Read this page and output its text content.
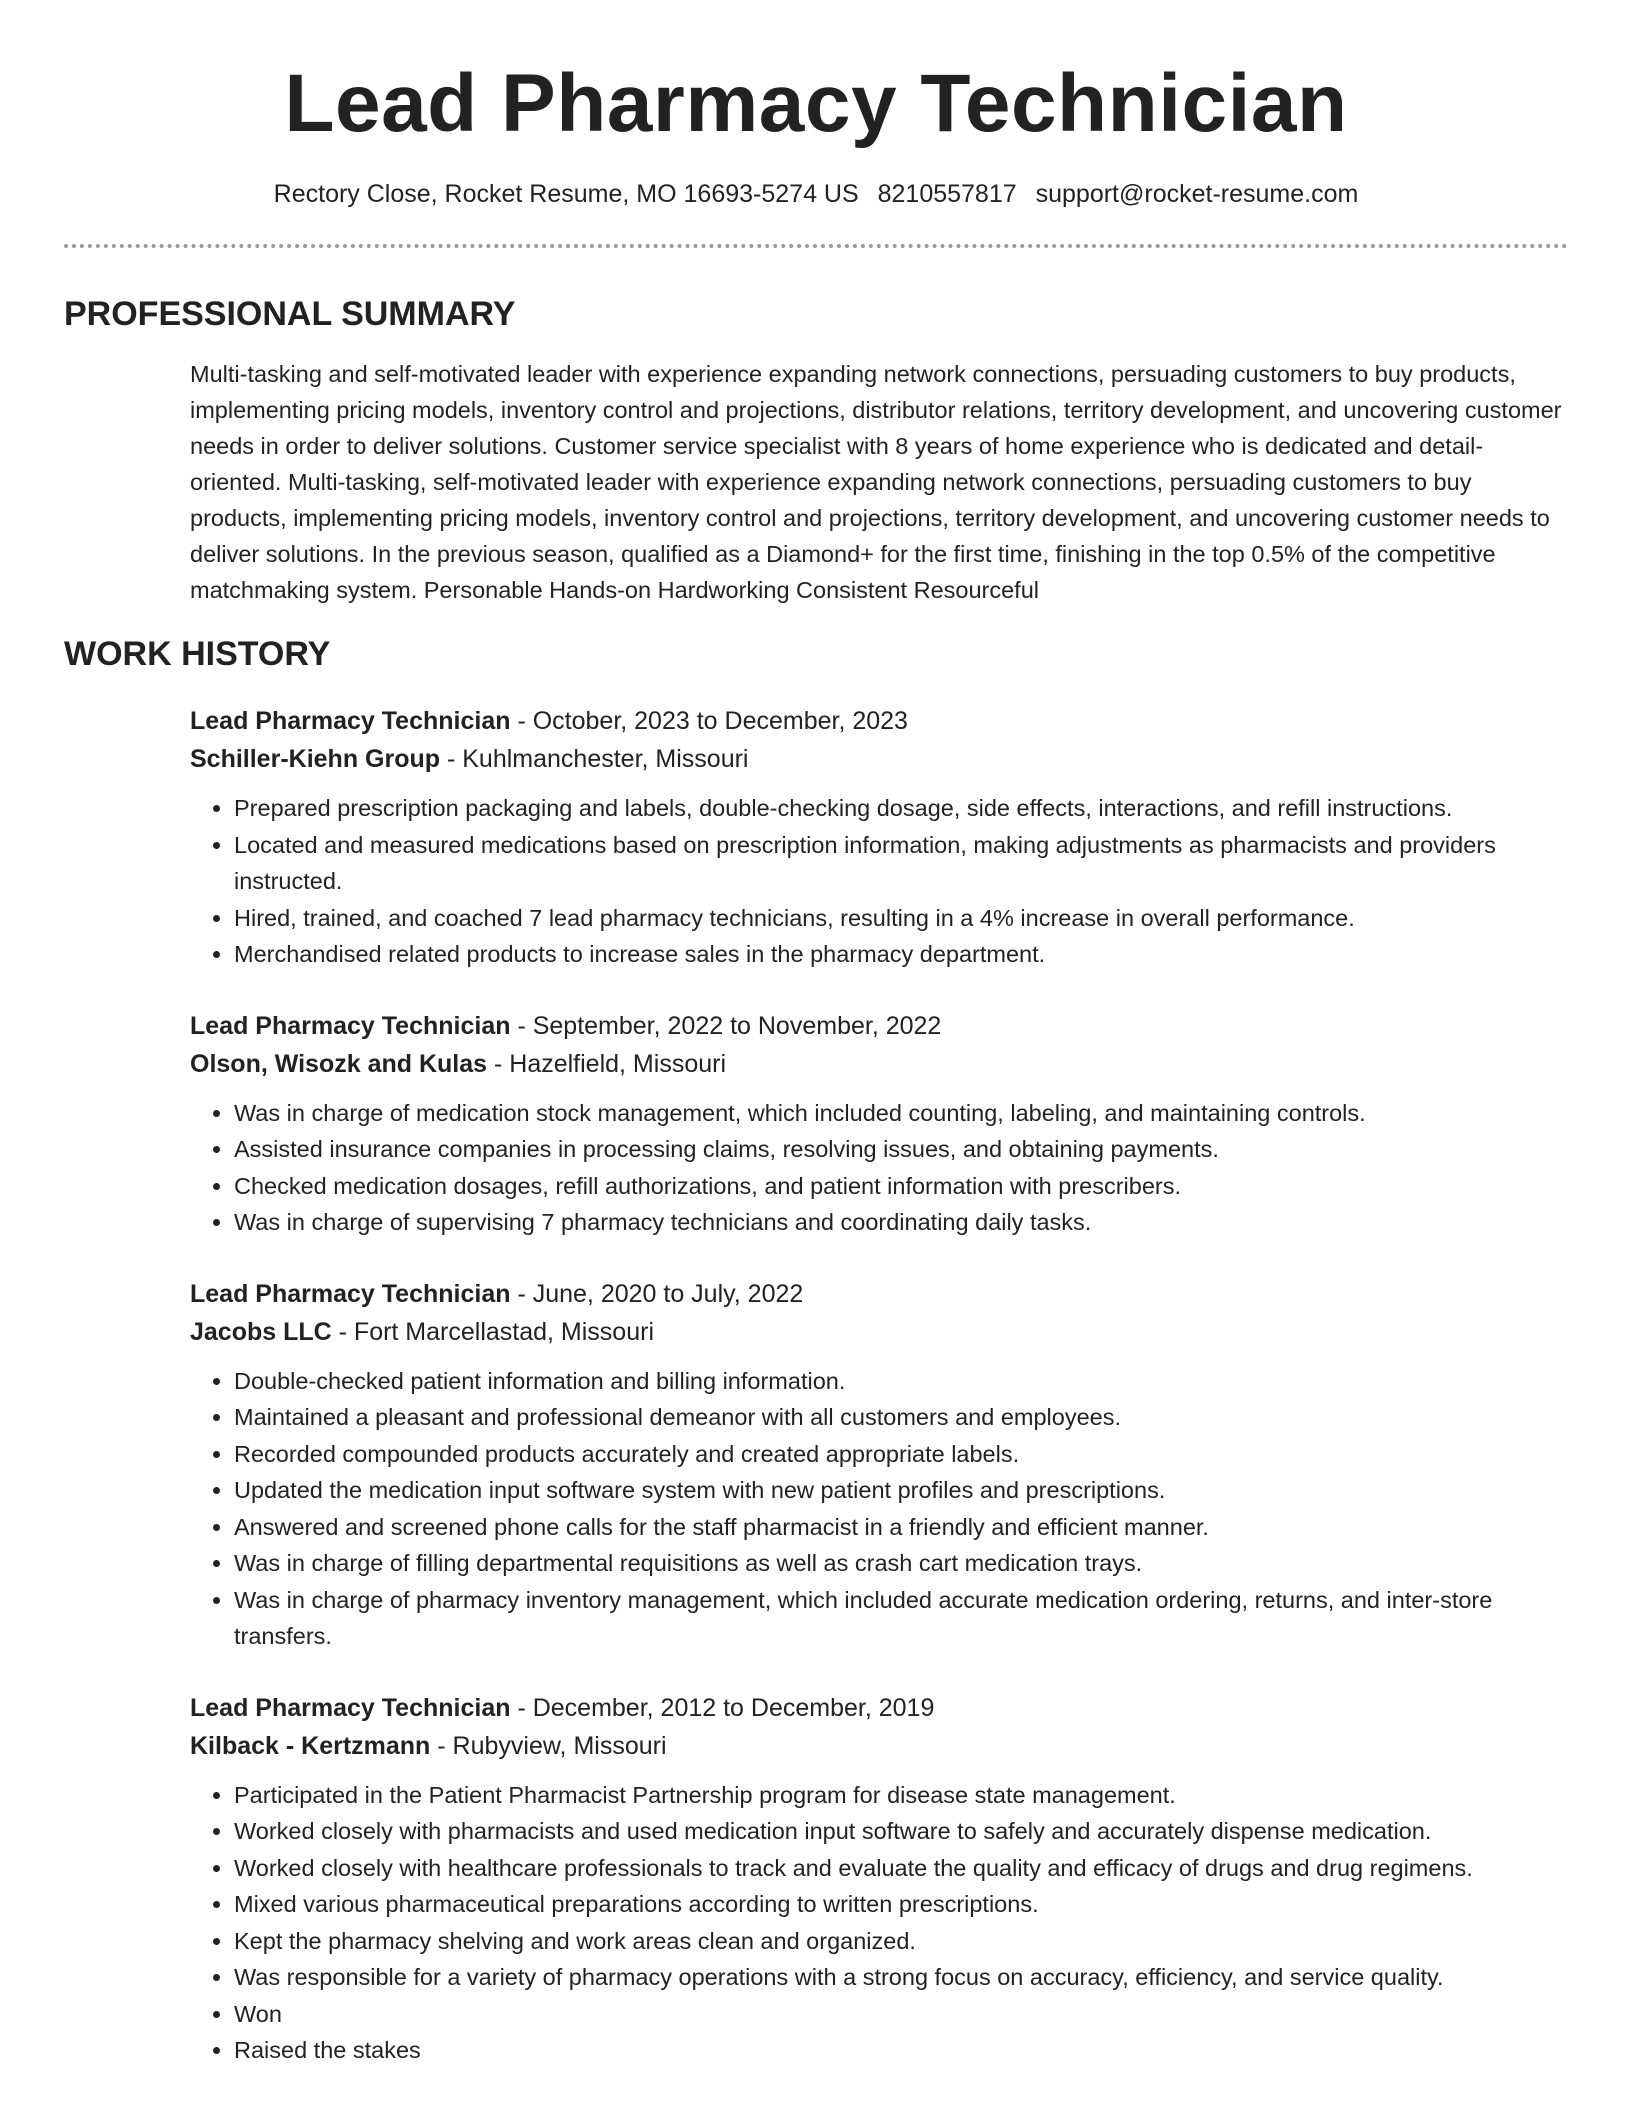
Lead Pharmacy Technician
Rectory Close, Rocket Resume, MO 16693-5274 US 8210557817 support@rocket-resume.com
PROFESSIONAL SUMMARY
Multi-tasking and self-motivated leader with experience expanding network connections, persuading customers to buy products, implementing pricing models, inventory control and projections, distributor relations, territory development, and uncovering customer needs in order to deliver solutions. Customer service specialist with 8 years of home experience who is dedicated and detail-oriented. Multi-tasking, self-motivated leader with experience expanding network connections, persuading customers to buy products, implementing pricing models, inventory control and projections, territory development, and uncovering customer needs to deliver solutions. In the previous season, qualified as a Diamond+ for the first time, finishing in the top 0.5% of the competitive matchmaking system. Personable Hands-on Hardworking Consistent Resourceful
WORK HISTORY
Lead Pharmacy Technician - October, 2023 to December, 2023
Schiller-Kiehn Group - Kuhlmanchester, Missouri
• Prepared prescription packaging and labels, double-checking dosage, side effects, interactions, and refill instructions.
• Located and measured medications based on prescription information, making adjustments as pharmacists and providers instructed.
• Hired, trained, and coached 7 lead pharmacy technicians, resulting in a 4% increase in overall performance.
• Merchandised related products to increase sales in the pharmacy department.
Lead Pharmacy Technician - September, 2022 to November, 2022
Olson, Wisozk and Kulas - Hazelfield, Missouri
• Was in charge of medication stock management, which included counting, labeling, and maintaining controls.
• Assisted insurance companies in processing claims, resolving issues, and obtaining payments.
• Checked medication dosages, refill authorizations, and patient information with prescribers.
• Was in charge of supervising 7 pharmacy technicians and coordinating daily tasks.
Lead Pharmacy Technician - June, 2020 to July, 2022
Jacobs LLC - Fort Marcellastad, Missouri
• Double-checked patient information and billing information.
• Maintained a pleasant and professional demeanor with all customers and employees.
• Recorded compounded products accurately and created appropriate labels.
• Updated the medication input software system with new patient profiles and prescriptions.
• Answered and screened phone calls for the staff pharmacist in a friendly and efficient manner.
• Was in charge of filling departmental requisitions as well as crash cart medication trays.
• Was in charge of pharmacy inventory management, which included accurate medication ordering, returns, and inter-store transfers.
Lead Pharmacy Technician - December, 2012 to December, 2019
Kilback - Kertzmann - Rubyview, Missouri
• Participated in the Patient Pharmacist Partnership program for disease state management.
• Worked closely with pharmacists and used medication input software to safely and accurately dispense medication.
• Worked closely with healthcare professionals to track and evaluate the quality and efficacy of drugs and drug regimens.
• Mixed various pharmaceutical preparations according to written prescriptions.
• Kept the pharmacy shelving and work areas clean and organized.
• Was responsible for a variety of pharmacy operations with a strong focus on accuracy, efficiency, and service quality.
• Won
• Raised the stakes
